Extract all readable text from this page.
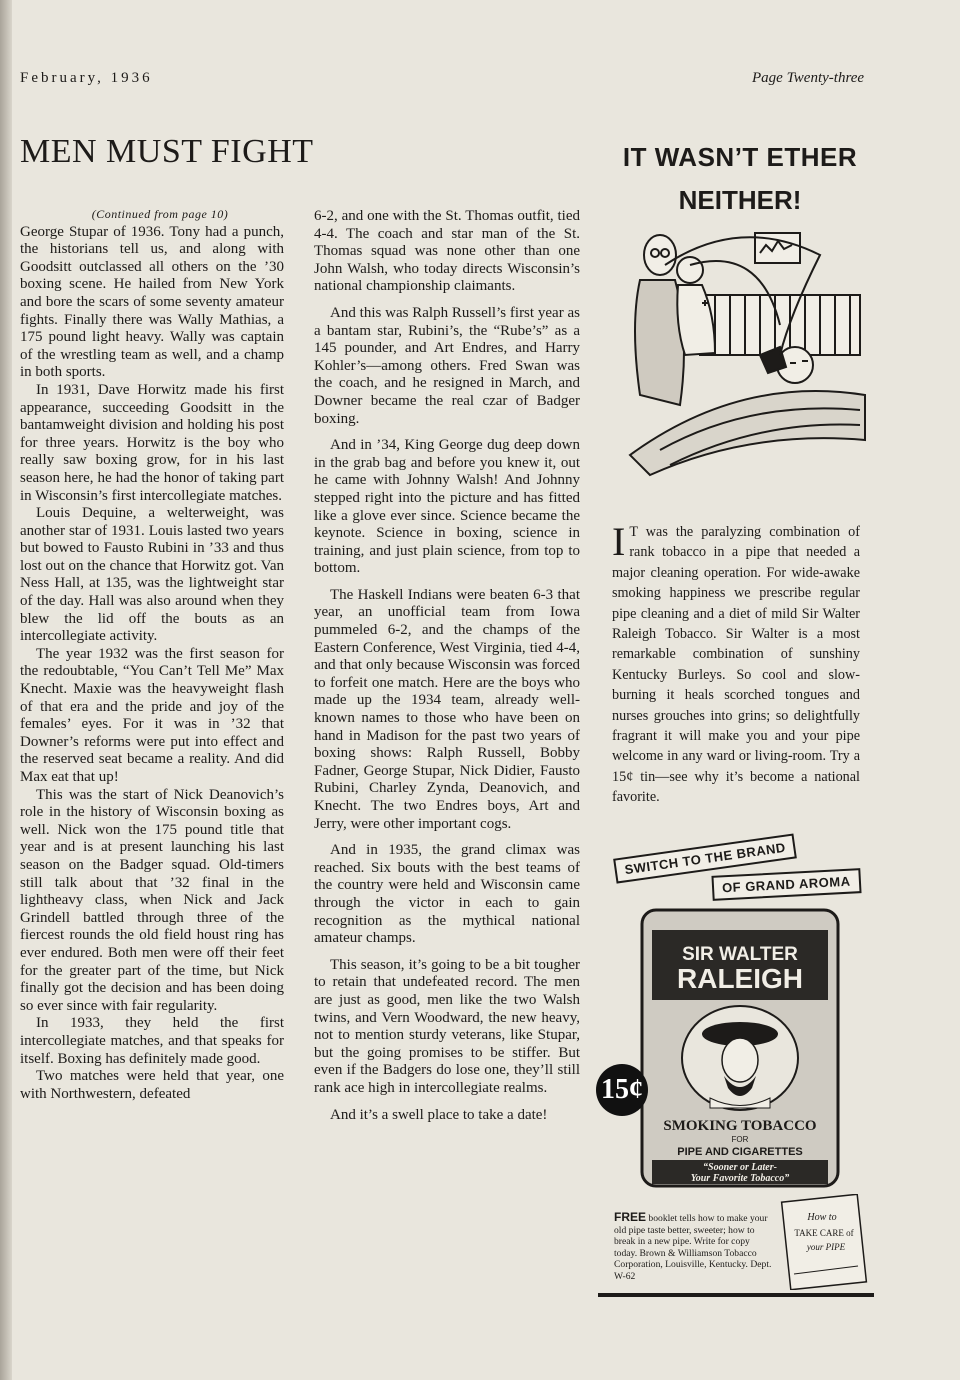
February, 1936	Page Twenty-three
MEN MUST FIGHT

(Continued from page 10)

George Stupar of 1936. Tony had a punch, the historians tell us, and along with Goodsitt outclassed all others on the ’30 boxing scene. He hailed from New York and bore the scars of some seventy amateur fights. Finally there was Wally Mathias, a 175 pound light heavy. Wally was captain of the wrestling team as well, and a champ in both sports.

In 1931, Dave Horwitz made his first appearance, succeeding Goodsitt in the bantamweight division and holding his post for three years. Horwitz is the boy who really saw boxing grow, for in his last season here, he had the honor of taking part in Wisconsin’s first intercollegiate matches.

Louis Dequine, a welterweight, was another star of 1931. Louis lasted two years but bowed to Fausto Rubini in ’33 and thus lost out on the chance that Horwitz got. Van Ness Hall, at 135, was the lightweight star of the day. Hall was also around when they blew the lid off the bouts as an intercollegiate activity.

The year 1932 was the first season for the redoubtable, “You Can’t Tell Me” Max Knecht. Maxie was the heavyweight flash of that era and the pride and joy of the females’ eyes. For it was in ’32 that Downer’s reforms were put into effect and the reserved seat became a reality. And did Max eat that up!

This was the start of Nick Deanovich’s role in the history of Wisconsin boxing as well. Nick won the 175 pound title that year and is at present launching his last season on the Badger squad. Old-timers still talk about that ’32 final in the lightheavy class, when Nick and Jack Grindell battled through three of the fiercest rounds the old field houst ring has ever endured. Both men were off their feet for the greater part of the time, but Nick finally got the decision and has been doing so ever since with fair regularity.

In 1933, they held the first intercollegiate matches, and that speaks for itself. Boxing has definitely made good.

Two matches were held that year, one with Northwestern, defeated

6-2, and one with the St. Thomas outfit, tied 4-4. The coach and star man of the St. Thomas squad was none other than one John Walsh, who today directs Wisconsin’s national championship claimants.

And this was Ralph Russell’s first year as a bantam star, Rubini’s, the “Rube’s” as a 145 pounder, and Art Endres, and Harry Kohler’s—among others. Fred Swan was the coach, and he resigned in March, and Downer became the real czar of Badger boxing.

And in ’34, King George dug deep down in the grab bag and before you knew it, out he came with Johnny Walsh! And Johnny stepped right into the picture and has fitted like a glove ever since. Science became the keynote. Science in boxing, science in training, and just plain science, from top to bottom.

The Haskell Indians were beaten 6-3 that year, an unofficial team from Iowa pummeled 6-2, and the champs of the Eastern Conference, West Virginia, tied 4-4, and that only because Wisconsin was forced to forfeit one match. Here are the boys who made up the 1934 team, already well-known names to those who have been on hand in Madison for the past two years of boxing shows: Ralph Russell, Bobby Fadner, George Stupar, Nick Didier, Fausto Rubini, Charley Zynda, Deanovich, and Knecht. The two Endres boys, Art and Jerry, were other important cogs.

And in 1935, the grand climax was reached. Six bouts with the best teams of the country were held and Wisconsin came through the victor in each to gain recognition as the mythical national amateur champs.

This season, it’s going to be a bit tougher to retain that undefeated record. The men are just as good, men like the two Walsh twins, and Vern Woodward, the new heavy, not to mention sturdy veterans, like Stupar, but the going promises to be stiffer. But even if the Badgers do lose one, they’ll still rank ace high in intercollegiate realms.

And it’s a swell place to take a date!

IT WASN’T ETHER
NEITHER!
I T was the paralyzing combination of rank tobacco in a pipe that needed a major cleaning operation. For wide-awake smoking happiness we prescribe regular pipe cleaning and a diet of mild Sir Walter Raleigh Tobacco. Sir Walter is a most remarkable combination of sunshiny Kentucky Burleys. So cool and slow-burning it heals scorched tongues and nurses grouches into grins; so delightfully fragrant it will make you and your pipe welcome in any ward or living-room. Try a 15¢ tin—see why it’s become a national favorite.
SWITCH TO THE BRAND
OF GRAND AROMA
SIR WALTER
RALEIGH
SMOKING TOBACCO
FOR
PIPE AND CIGARETTES
“Sooner or Later-
Your Favorite Tobacco”
15¢
FREE booklet tells how to make your old pipe taste better, sweeter; how to break in a new pipe. Write for copy today. Brown & Williamson Tobacco Corporation, Louisville, Kentucky. Dept. W-62
How to
TAKE CARE of
your PIPE
